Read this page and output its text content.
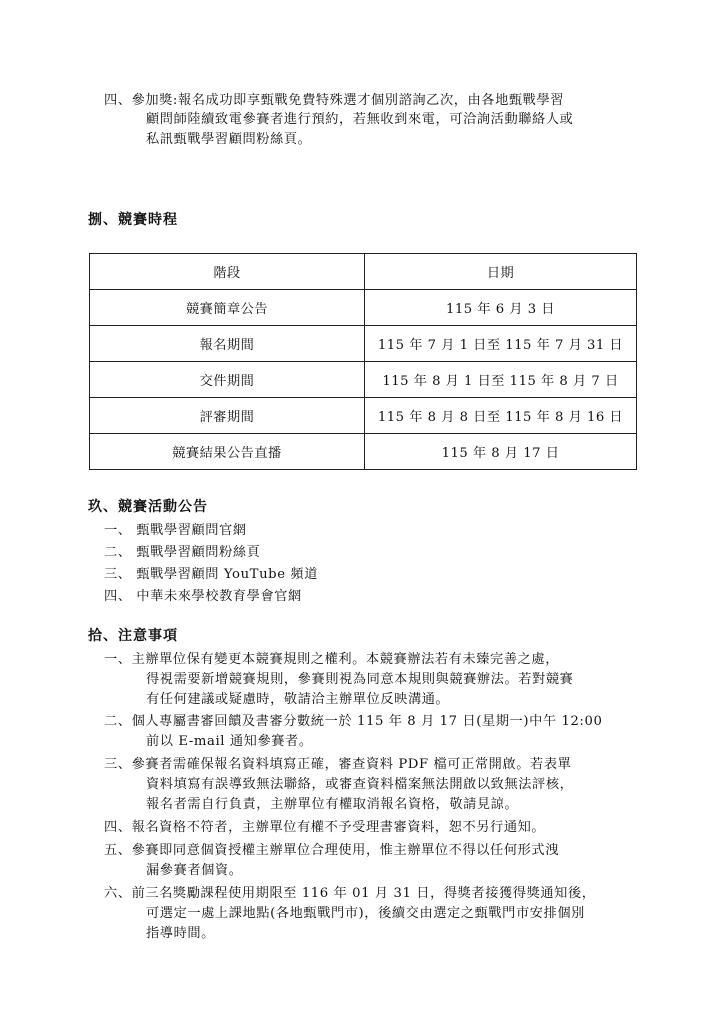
四、參加獎:報名成功即享甄戰免費特殊選才個別諮詢乙次，由各地甄戰學習
顧問師陸續致電參賽者進行預約，若無收到來電，可洽詢活動聯絡人或
私訊甄戰學習顧問粉絲頁。
捌、競賽時程
階段	日期
競賽簡章公告	115 年 6 月 3 日
報名期間	115 年 7 月 1 日至 115 年 7 月 31 日
交件期間	115 年 8 月 1 日至 115 年 8 月 7 日
評審期間	115 年 8 月 8 日至 115 年 8 月 16 日
競賽結果公告直播	115 年 8 月 17 日
玖、競賽活動公告
一、 甄戰學習顧問官網
二、 甄戰學習顧問粉絲頁
三、 甄戰學習顧問 YouTube 頻道
四、 中華未來學校教育學會官網
拾、注意事項
一、主辦單位保有變更本競賽規則之權利。本競賽辦法若有未臻完善之處，
得視需要新增競賽規則，參賽則視為同意本規則與競賽辦法。若對競賽
有任何建議或疑慮時，敬請洽主辦單位反映溝通。
二、個人專屬書審回饋及書審分數統一於 115 年 8 月 17 日(星期一)中午 12:00
前以 E-mail 通知參賽者。
三、參賽者需確保報名資料填寫正確，審查資料 PDF 檔可正常開啟。若表單
資料填寫有誤導致無法聯絡，或審查資料檔案無法開啟以致無法評核，
報名者需自行負責，主辦單位有權取消報名資格，敬請見諒。
四、報名資格不符者，主辦單位有權不予受理書審資料，恕不另行通知。
五、參賽即同意個資授權主辦單位合理使用，惟主辦單位不得以任何形式洩
漏參賽者個資。
六、前三名獎勵課程使用期限至 116 年 01 月 31 日，得獎者接獲得獎通知後，
可選定一處上課地點(各地甄戰門市)，後續交由選定之甄戰門市安排個別
指導時間。
